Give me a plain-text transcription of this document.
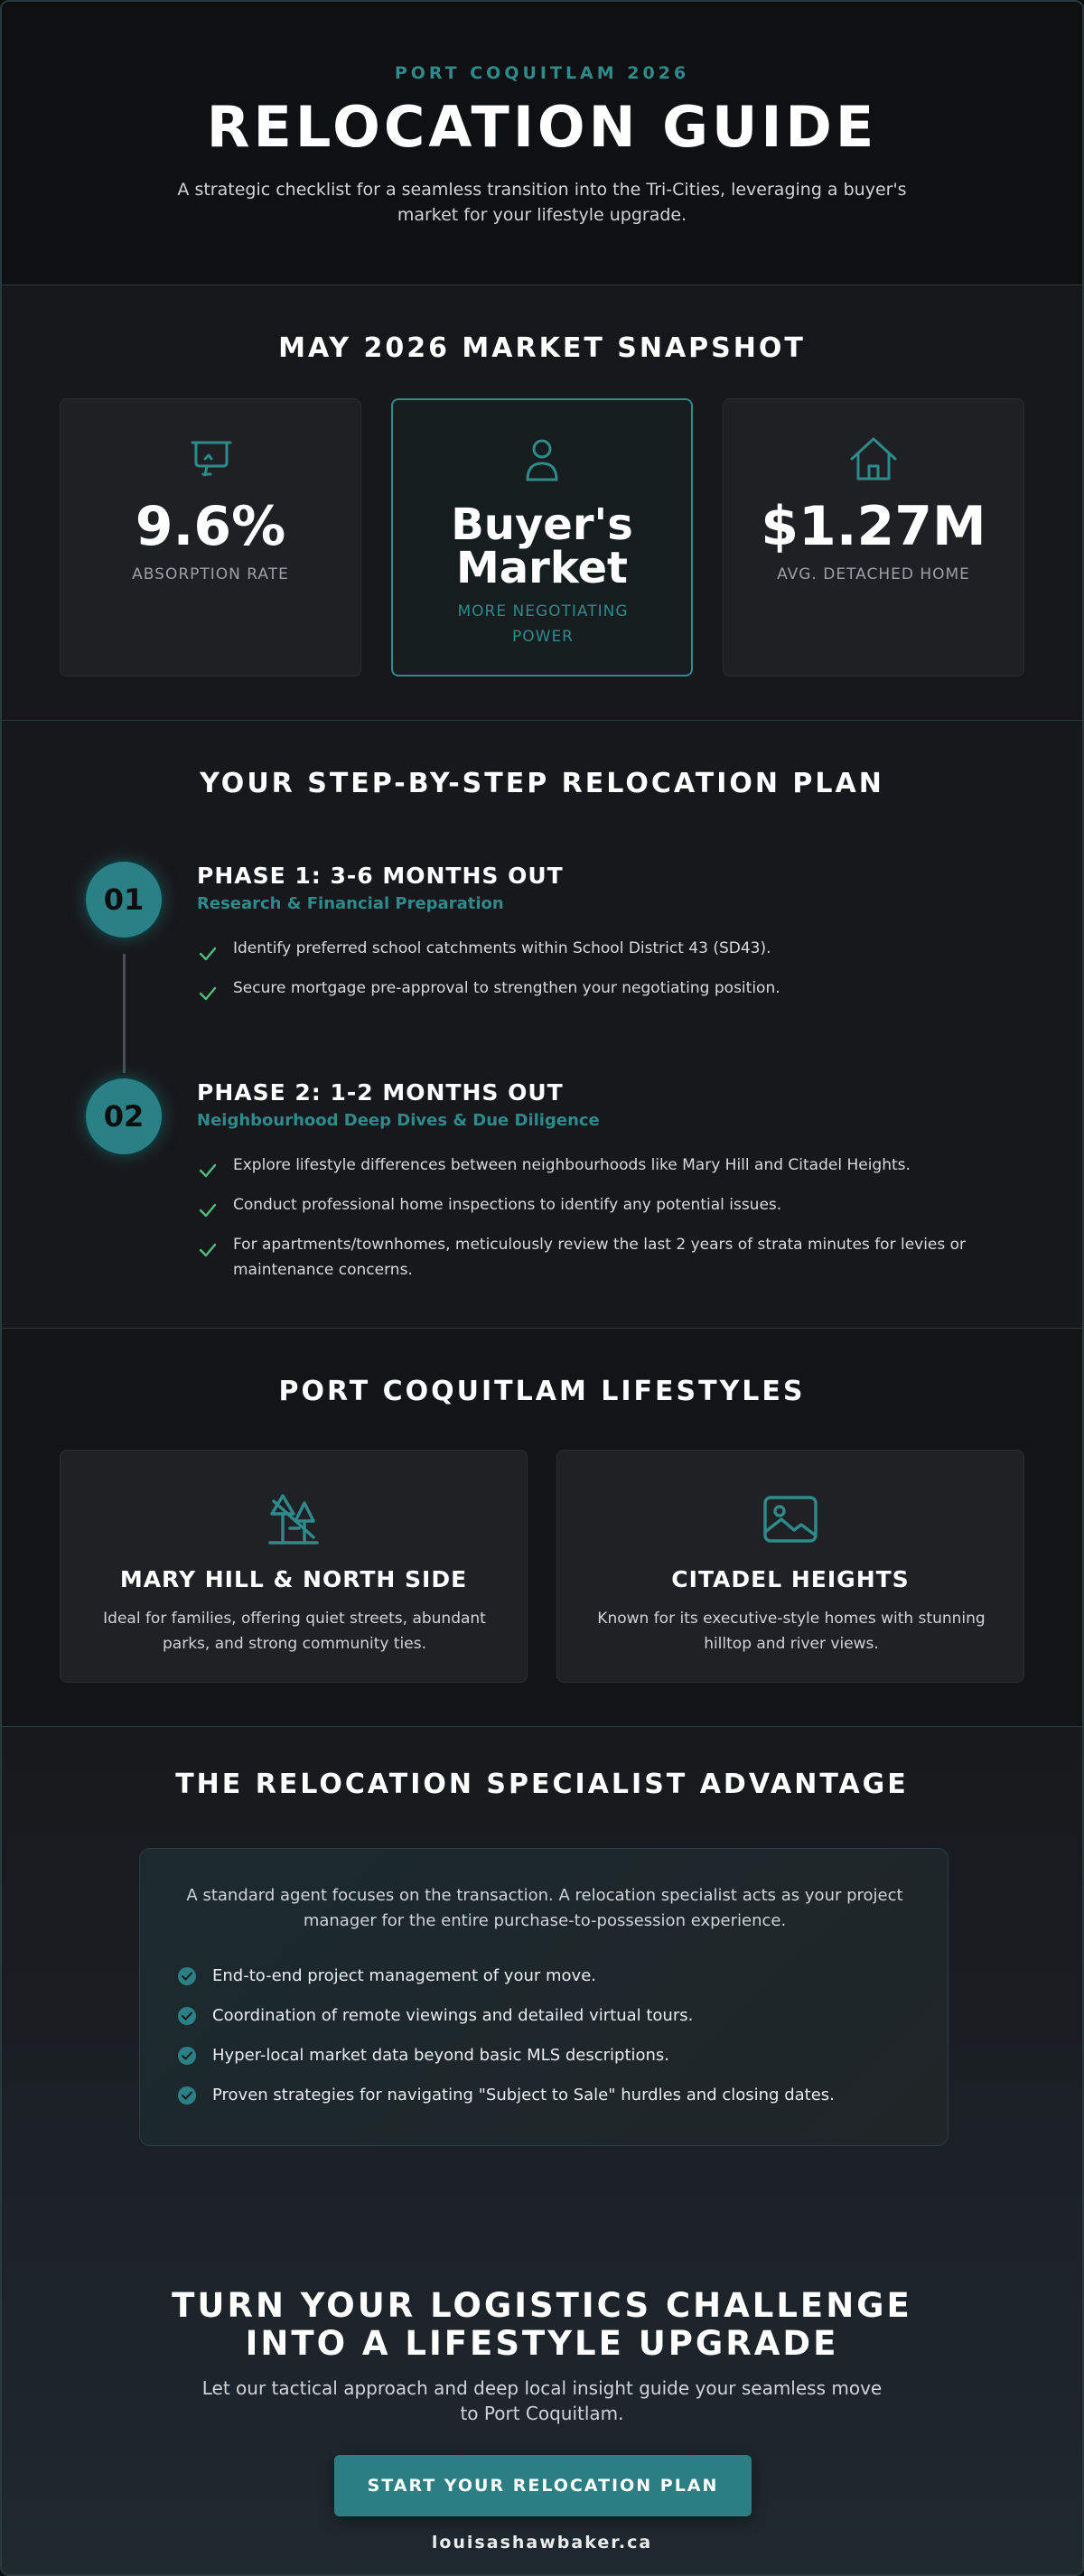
PORT COQUITLAM 2026
RELOCATION GUIDE

A strategic checklist for a seamless transition into the Tri-Cities, leveraging a buyer's market for your lifestyle upgrade.

MAY 2026 MARKET SNAPSHOT
9.6%
ABSORPTION RATE
Buyer's
Market
MORE NEGOTIATING POWER
$1.27M
AVG. DETACHED HOME
YOUR STEP-BY-STEP RELOCATION PLAN
01
PHASE 1: 3-6 MONTHS OUT
Research & Financial Preparation
Identify preferred school catchments within School District 43 (SD43).
Secure mortgage pre-approval to strengthen your negotiating position.
02
PHASE 2: 1-2 MONTHS OUT
Neighbourhood Deep Dives & Due Diligence
Explore lifestyle differences between neighbourhoods like Mary Hill and Citadel Heights.
Conduct professional home inspections to identify any potential issues.
For apartments/townhomes, meticulously review the last 2 years of strata minutes for levies or maintenance concerns.
PORT COQUITLAM LIFESTYLES
MARY HILL & NORTH SIDE
Ideal for families, offering quiet streets, abundant parks, and strong community ties.
CITADEL HEIGHTS
Known for its executive-style homes with stunning hilltop and river views.
THE RELOCATION SPECIALIST ADVANTAGE

A standard agent focuses on the transaction. A relocation specialist acts as your project manager for the entire purchase-to-possession experience.

End-to-end project management of your move.
Coordination of remote viewings and detailed virtual tours.
Hyper-local market data beyond basic MLS descriptions.
Proven strategies for navigating "Subject to Sale" hurdles and closing dates.
TURN YOUR LOGISTICS CHALLENGE
INTO A LIFESTYLE UPGRADE

Let our tactical approach and deep local insight guide your seamless move to Port Coquitlam.

START YOUR RELOCATION PLAN
louisashawbaker.ca
